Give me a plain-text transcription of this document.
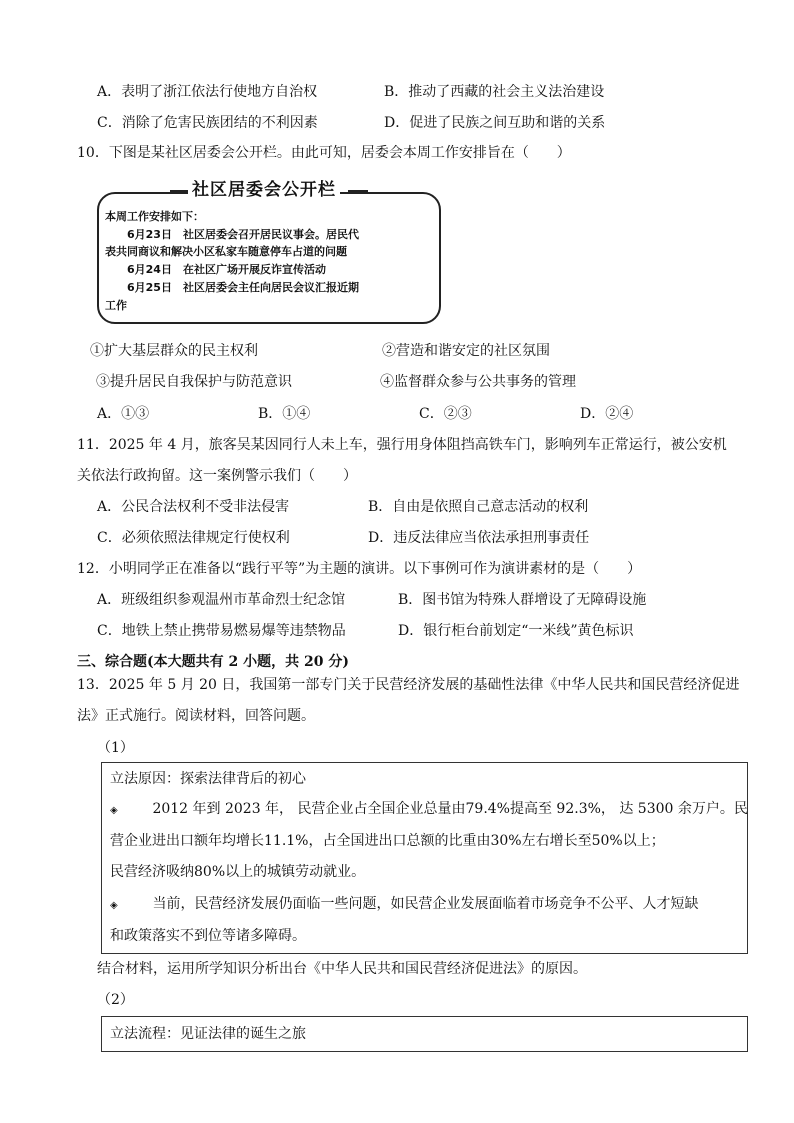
A．表明了浙江依法行使地方自治权	B．推动了西藏的社会主义法治建设
C．消除了危害民族团结的不利因素	D．促进了民族之间互助和谐的关系
10．下图是某社区居委会公开栏。由此可知，居委会本周工作安排旨在（　　）
社区居委会公开栏
本周工作安排如下：
　　6月23日　社区居委会召开居民议事会。居民代
表共同商议和解决小区私家车随意停车占道的问题
　　6月24日　在社区广场开展反诈宣传活动
　　6月25日　社区居委会主任向居民会议汇报近期
工作
①扩大基层群众的民主权利	②营造和谐安定的社区氛围
③提升居民自我保护与防范意识	④监督群众参与公共事务的管理
A．①③	B．①④	C．②③	D．②④
11．2025 年 4 月，旅客吴某因同行人未上车，强行用身体阻挡高铁车门，影响列车正常运行，被公安机
关依法行政拘留。这一案例警示我们（　　）
A．公民合法权利不受非法侵害	B．自由是依照自己意志活动的权利
C．必须依照法律规定行使权利	D．违反法律应当依法承担刑事责任
12．小明同学正在准备以“践行平等”为主题的演讲。以下事例可作为演讲素材的是（　　）
A．班级组织参观温州市革命烈士纪念馆	B．图书馆为特殊人群增设了无障碍设施
C．地铁上禁止携带易燃易爆等违禁物品	D．银行柜台前划定“一米线”黄色标识
三、综合题(本大题共有 2 小题，共 20 分)
13．2025 年 5 月 20 日，我国第一部专门关于民营经济发展的基础性法律《中华人民共和国民营经济促进
法》正式施行。阅读材料，回答问题。
（1）
立法原因：探索法律背后的初心
◈　 2012 年到 2023 年， 民营企业占全国企业总量由79.4%提高至 92.3%， 达 5300 余万户。民
营企业进出口额年均增长11.1%，占全国进出口总额的比重由30%左右增长至50%以上；
民营经济吸纳80%以上的城镇劳动就业。
◈　 当前，民营经济发展仍面临一些问题，如民营企业发展面临着市场竞争不公平、人才短缺
和政策落实不到位等诸多障碍。
结合材料，运用所学知识分析出台《中华人民共和国民营经济促进法》的原因。
（2）
立法流程：见证法律的诞生之旅
